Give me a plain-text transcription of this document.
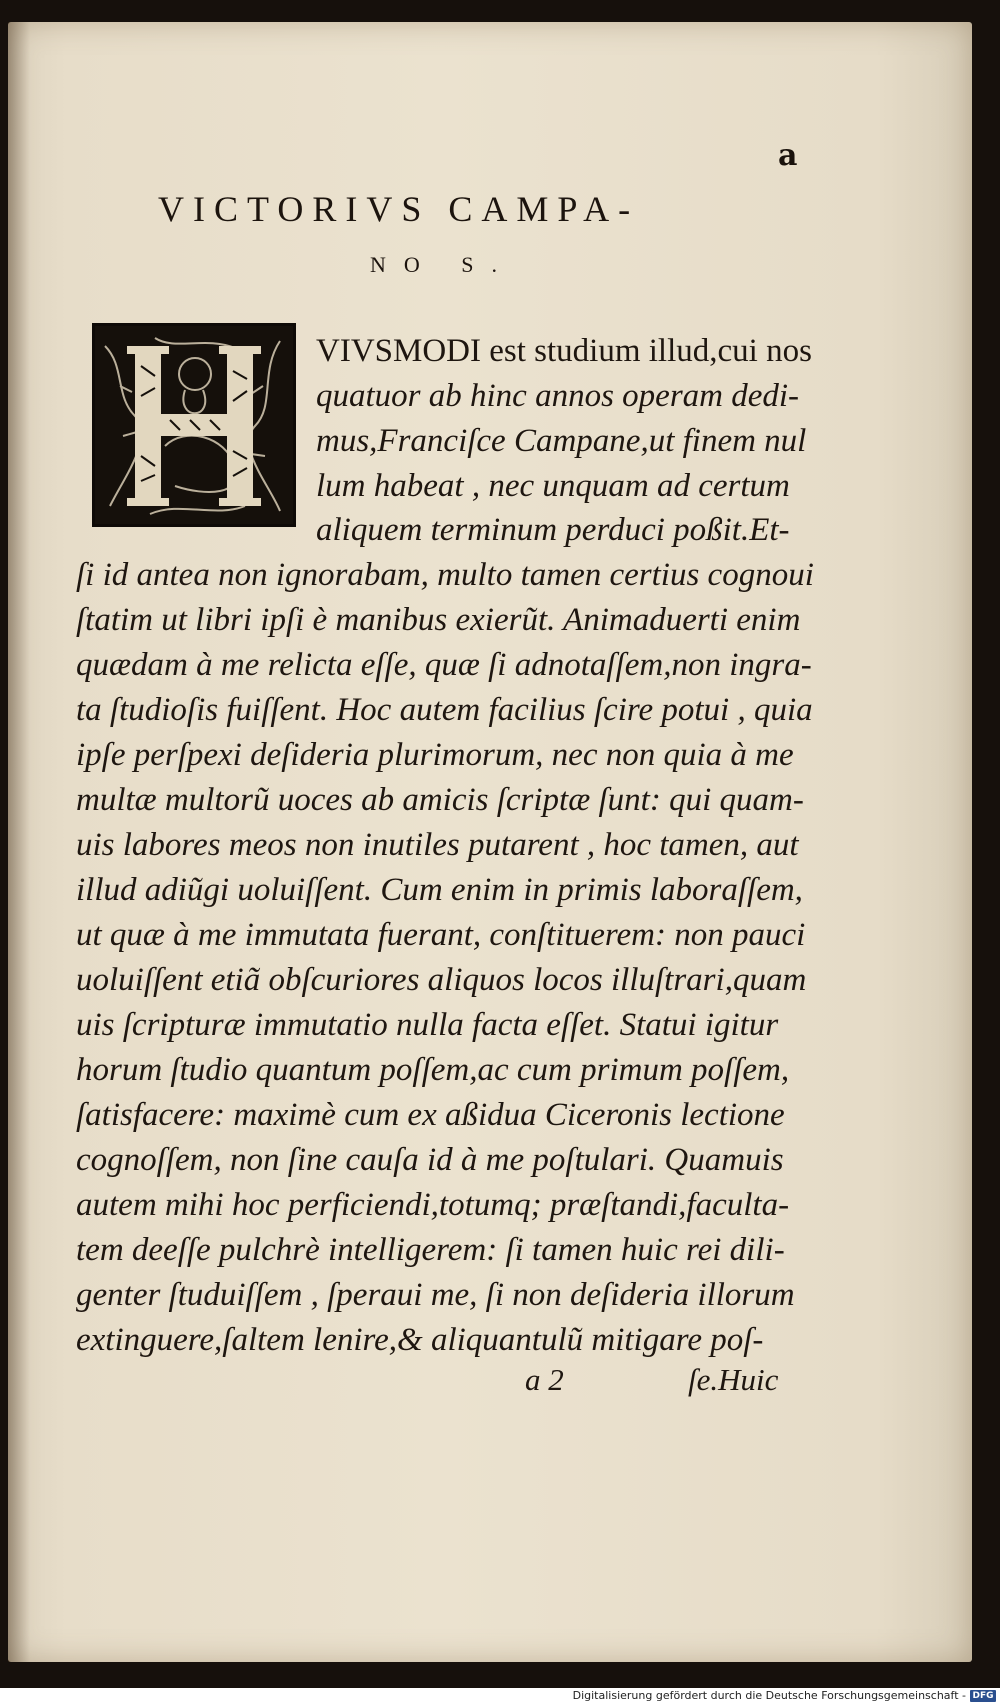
a
VICTORIVS CAMPA-
NO S.
VIVSMODI est studium illud,cui nos
quatuor ab hinc annos operam dedi-
mus,Franciſce Campane,ut finem nul
lum habeat , nec unquam ad certum
aliquem terminum perduci poßit.Et-
ſi id antea non ignorabam, multo tamen certius cognoui
ſtatim ut libri ipſi è manibus exierũt. Animaduerti enim
quædam à me relicta eſſe, quæ ſi adnotaſſem,non ingra-
ta ſtudioſis fuiſſent. Hoc autem facilius ſcire potui , quia
ipſe perſpexi deſideria plurimorum, nec non quia à me
multæ multorũ uoces ab amicis ſcriptæ ſunt: qui quam-
uis labores meos non inutiles putarent , hoc tamen, aut
illud adiũgi uoluiſſent. Cum enim in primis laboraſſem,
ut quæ à me immutata fuerant, conſtituerem: non pauci
uoluiſſent etiã obſcuriores aliquos locos illuſtrari,quam
uis ſcripturæ immutatio nulla facta eſſet. Statui igitur
horum ſtudio quantum poſſem,ac cum primum poſſem,
ſatisfacere: maximè cum ex aßidua Ciceronis lectione
cognoſſem, non ſine cauſa id à me poſtulari. Quamuis
autem mihi hoc perficiendi,totumq; præſtandi,faculta-
tem deeſſe pulchrè intelligerem: ſi tamen huic rei dili-
genter ſtuduiſſem , ſperaui me, ſi non deſideria illorum
extinguere,ſaltem lenire,& aliquantulũ mitigare poſ-
a 2	ſe.Huic
Digitalisierung gefördert durch die Deutsche Forschungsgemeinschaft - DFG
